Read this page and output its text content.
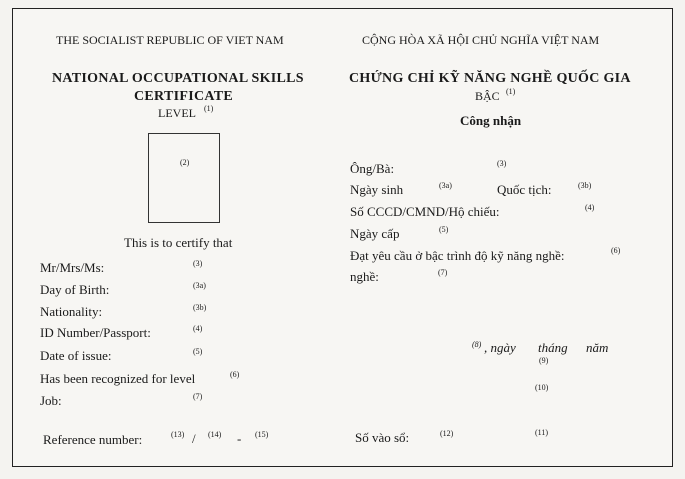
THE SOCIALIST REPUBLIC OF VIET NAM
NATIONAL OCCUPATIONAL SKILLS
CERTIFICATE
LEVEL (1)
(2)
This is to certify that
Mr/Mrs/Ms:	(3)
Day of Birth:	(3a)
Nationality:	(3b)
ID Number/Passport:	(4)
Date of issue:	(5)
Has been recognized for level	(6)
Job:	(7)
Reference number:	(13) / (14) - (15)
CỘNG HÒA XÃ HỘI CHỦ NGHĨA VIỆT NAM
CHỨNG CHỈ KỸ NĂNG NGHỀ QUỐC GIA
BẬC (1)
Công nhận
Ông/Bà:	(3)
Ngày sinh	(3a)	Quốc tịch:	(3b)
Số CCCD/CMND/Hộ chiếu:	(4)
Ngày cấp	(5)
Đạt yêu cầu ở bậc trình độ kỹ năng nghề:	(6)
nghề:	(7)
(8) , ngày tháng năm
(9)
(10)
Số vào sổ:	(12)	(11)
